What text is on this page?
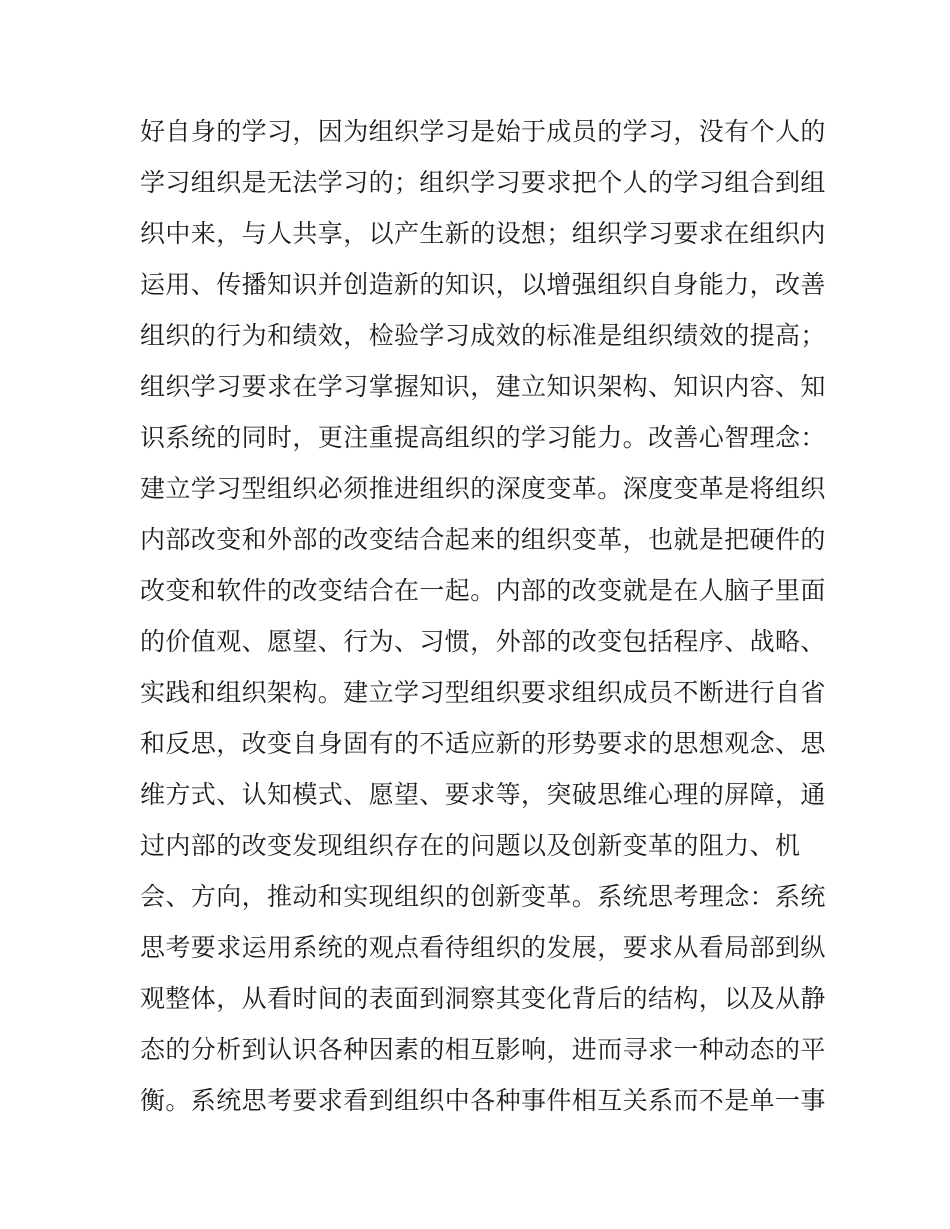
好自身的学习，因为组织学习是始于成员的学习，没有个人的
学习组织是无法学习的；组织学习要求把个人的学习组合到组
织中来，与人共享，以产生新的设想；组织学习要求在组织内
运用、传播知识并创造新的知识，以增强组织自身能力，改善
组织的行为和绩效，检验学习成效的标准是组织绩效的提高；
组织学习要求在学习掌握知识，建立知识架构、知识内容、知
识系统的同时，更注重提高组织的学习能力。改善心智理念：
建立学习型组织必须推进组织的深度变革。深度变革是将组织
内部改变和外部的改变结合起来的组织变革，也就是把硬件的
改变和软件的改变结合在一起。内部的改变就是在人脑子里面
的价值观、愿望、行为、习惯，外部的改变包括程序、战略、
实践和组织架构。建立学习型组织要求组织成员不断进行自省
和反思，改变自身固有的不适应新的形势要求的思想观念、思
维方式、认知模式、愿望、要求等，突破思维心理的屏障，通
过内部的改变发现组织存在的问题以及创新变革的阻力、机
会、方向，推动和实现组织的创新变革。系统思考理念：系统
思考要求运用系统的观点看待组织的发展，要求从看局部到纵
观整体，从看时间的表面到洞察其变化背后的结构，以及从静
态的分析到认识各种因素的相互影响，进而寻求一种动态的平
衡。系统思考要求看到组织中各种事件相互关系而不是单一事
